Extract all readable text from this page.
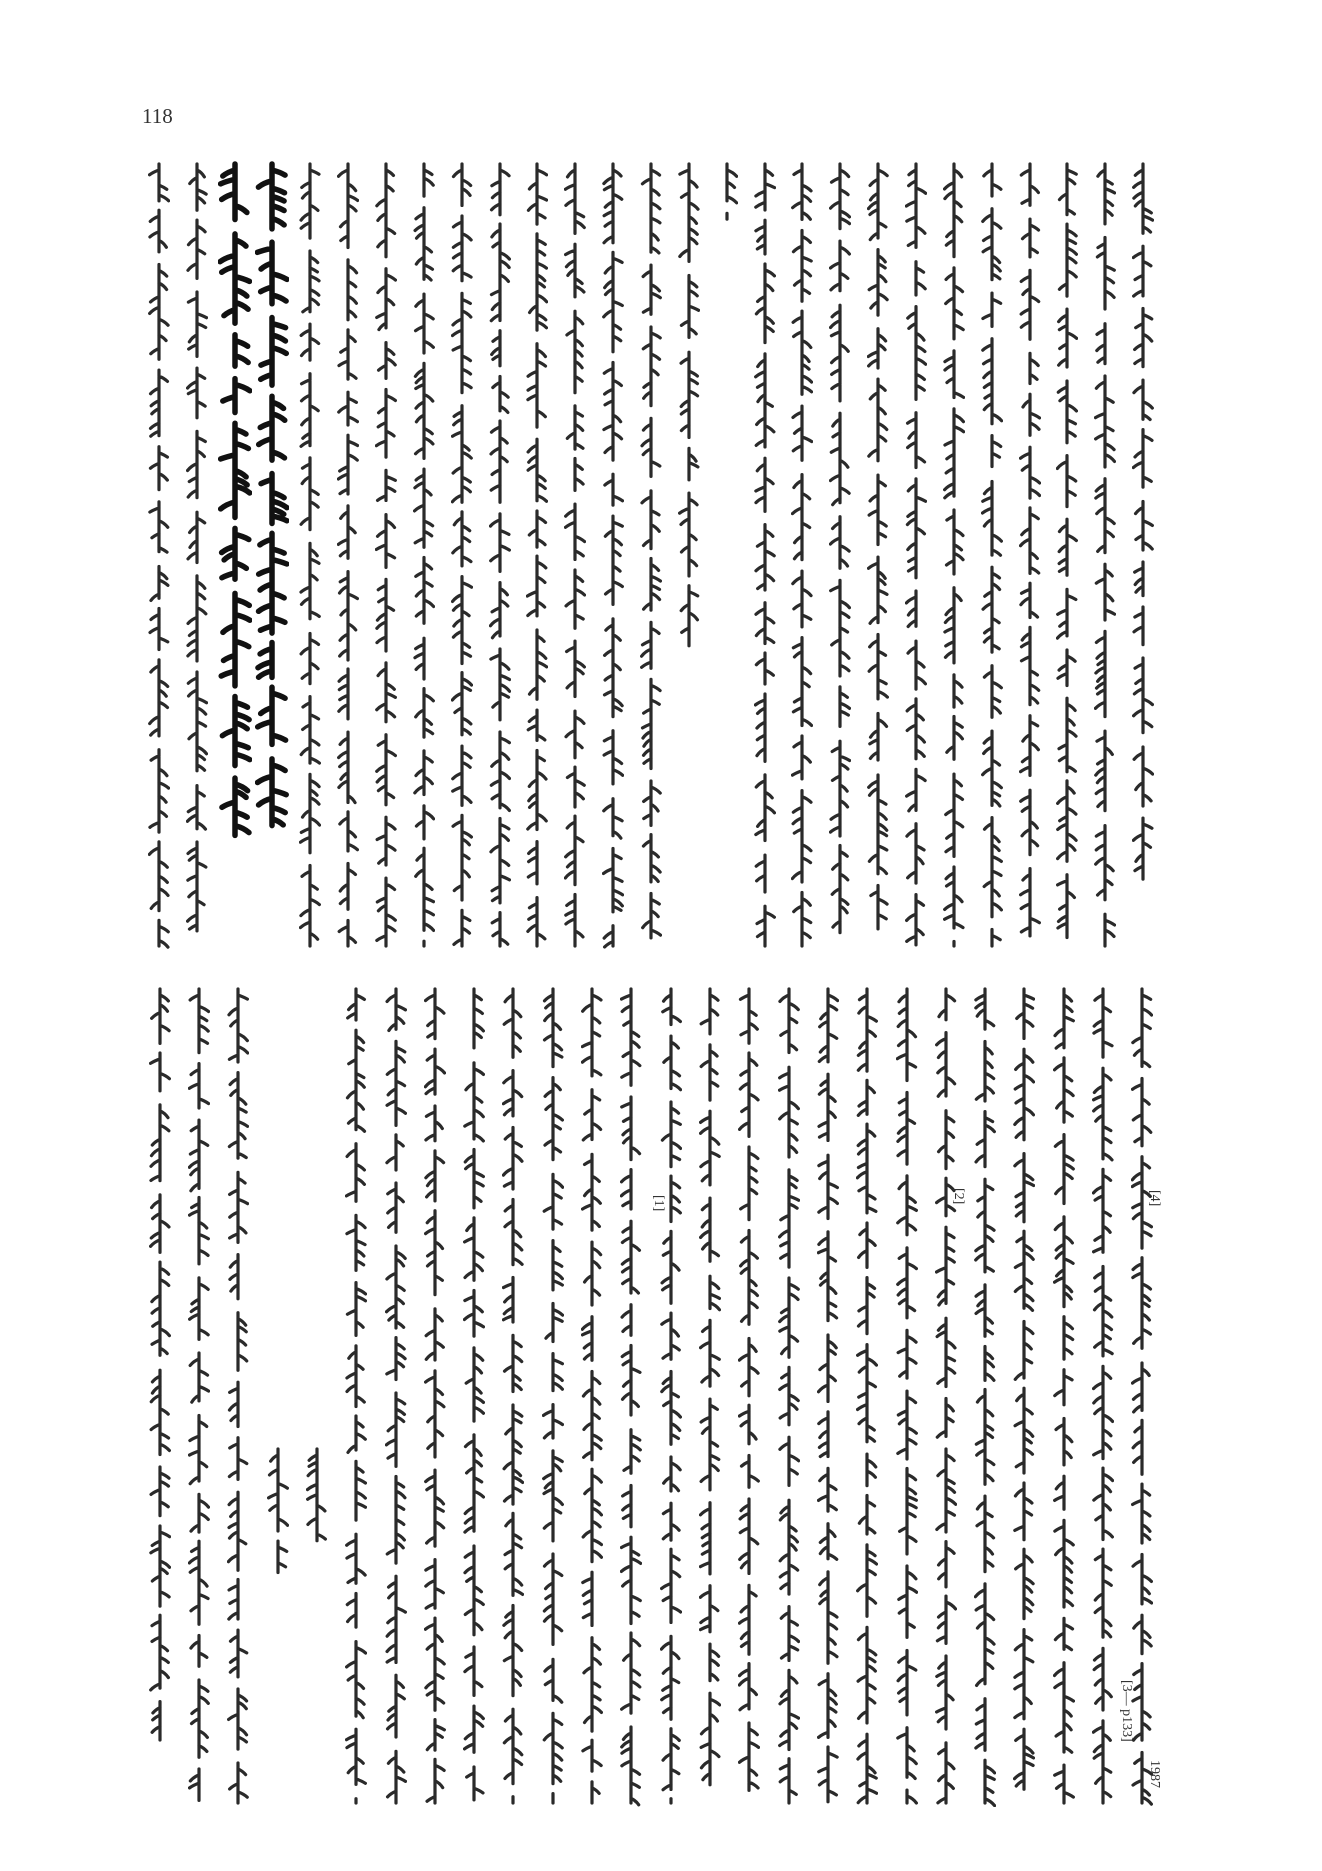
118
[4]
1987
[3— p133]
[2]
[1]
